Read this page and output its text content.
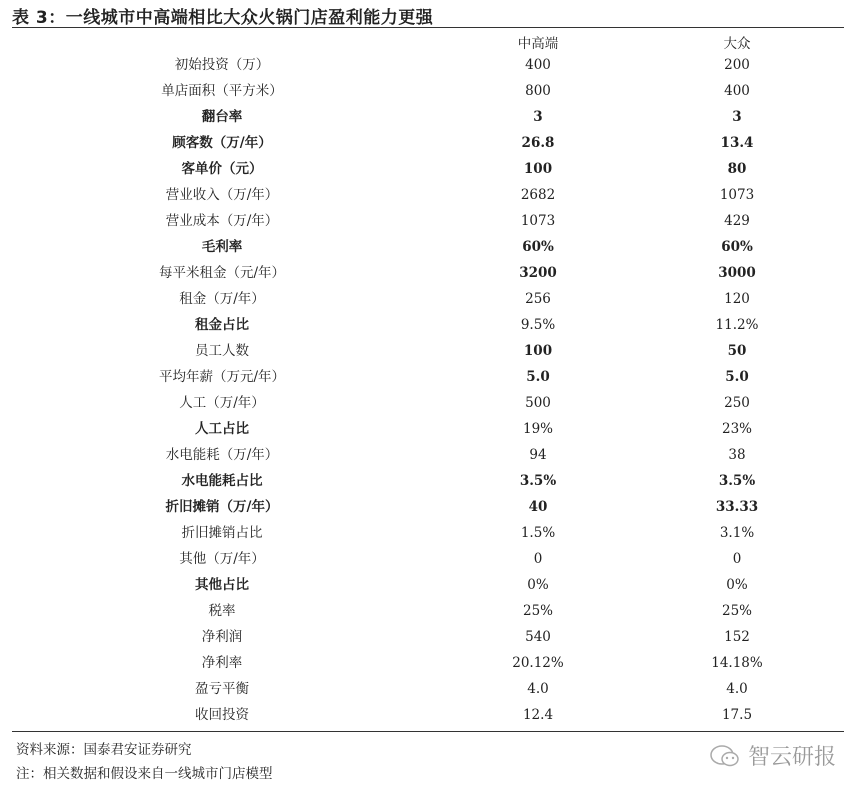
表 3：一线城市中高端相比大众火锅门店盈利能力更强
中高端	大众
初始投资（万）	400	200
单店面积（平方米）	800	400
翻台率	3	3
顾客数（万/年）	26.8	13.4
客单价（元）	100	80
营业收入（万/年）	2682	1073
营业成本（万/年）	1073	429
毛利率	60%	60%
每平米租金（元/年）	3200	3000
租金（万/年）	256	120
租金占比	9.5%	11.2%
员工人数	100	50
平均年薪（万元/年）	5.0	5.0
人工（万/年）	500	250
人工占比	19%	23%
水电能耗（万/年）	94	38
水电能耗占比	3.5%	3.5%
折旧摊销（万/年）	40	33.33
折旧摊销占比	1.5%	3.1%
其他（万/年）	0	0
其他占比	0%	0%
税率	25%	25%
净利润	540	152
净利率	20.12%	14.18%
盈亏平衡	4.0	4.0
收回投资	12.4	17.5
资料来源：国泰君安证券研究
注：相关数据和假设来自一线城市门店模型
智云研报
